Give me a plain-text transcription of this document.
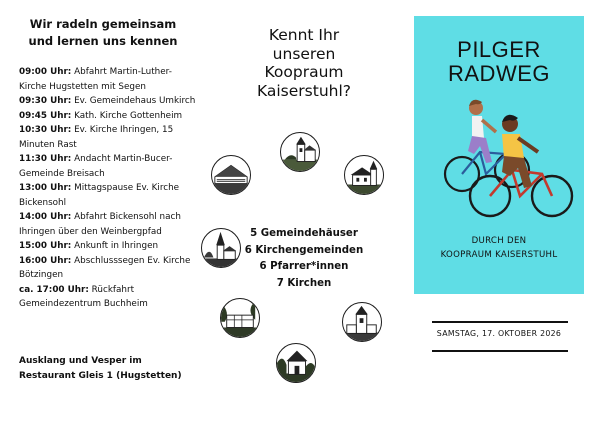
Wir radeln gemeinsam
und lernen uns kennen
09:00 Uhr: Abfahrt Martin-Luther-Kirche Hugstetten mit Segen
09:30 Uhr: Ev. Gemeindehaus Umkirch
09:45 Uhr: Kath. Kirche Gottenheim
10:30 Uhr: Ev. Kirche Ihringen, 15 Minuten Rast
11:30 Uhr: Andacht Martin-Bucer-Gemeinde Breisach
13:00 Uhr: Mittagspause Ev. Kirche Bickensohl
14:00 Uhr: Abfahrt Bickensohl nach Ihringen über den Weinbergpfad
15:00 Uhr: Ankunft in Ihringen
16:00 Uhr: Abschlusssegen Ev. Kirche Bötzingen
ca. 17:00 Uhr: Rückfahrt Gemeindezentrum Buchheim
Ausklang und Vesper im
Restaurant Gleis 1 (Hugstetten)
Kennt Ihr
unseren
Koopraum
Kaiserstuhl?
5 Gemeindehäuser
6 Kirchengemeinden
6 Pfarrer*innen
7 Kirchen
PILGER
RADWEG
DURCH DEN
KOOPRAUM KAISERSTUHL
SAMSTAG, 17. OKTOBER 2026
